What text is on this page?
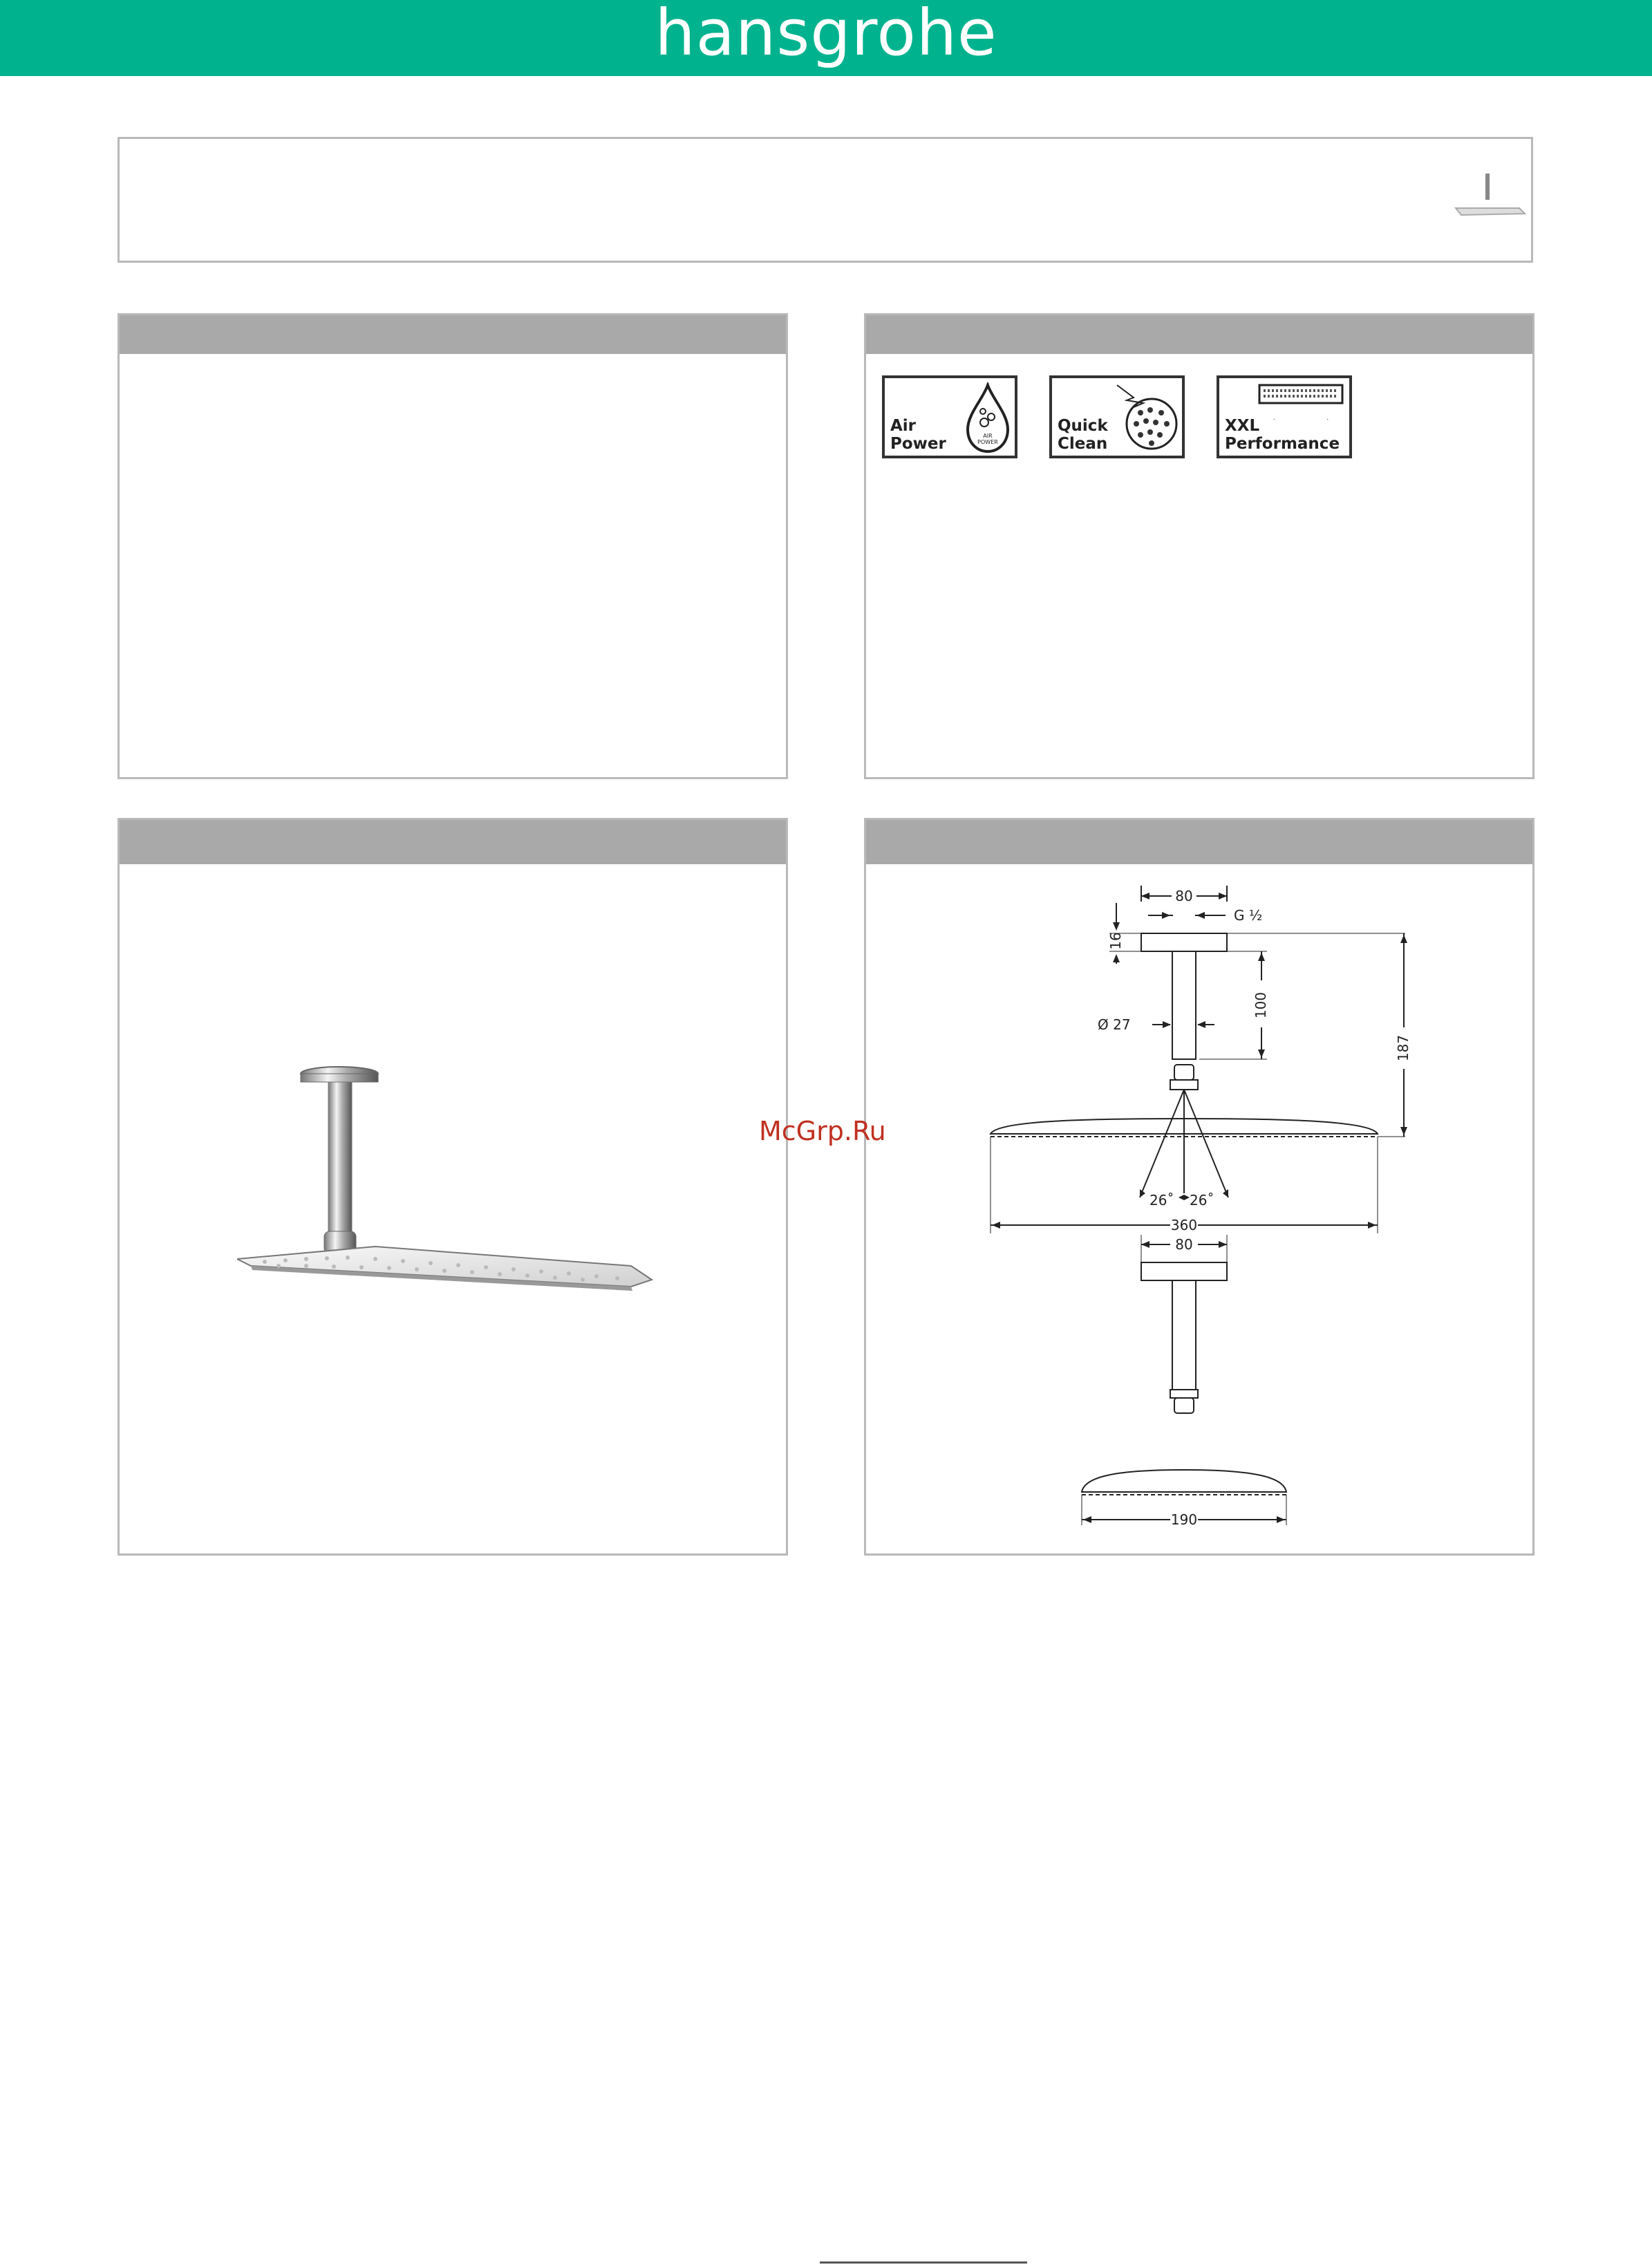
hansgrohe
Air
Power	AIR
POWER
Quick
Clean
XXL
Performance
80
G ½
16
100
187
Ø 27
26˚ 26˚
360
80
190
McGrp.Ru
